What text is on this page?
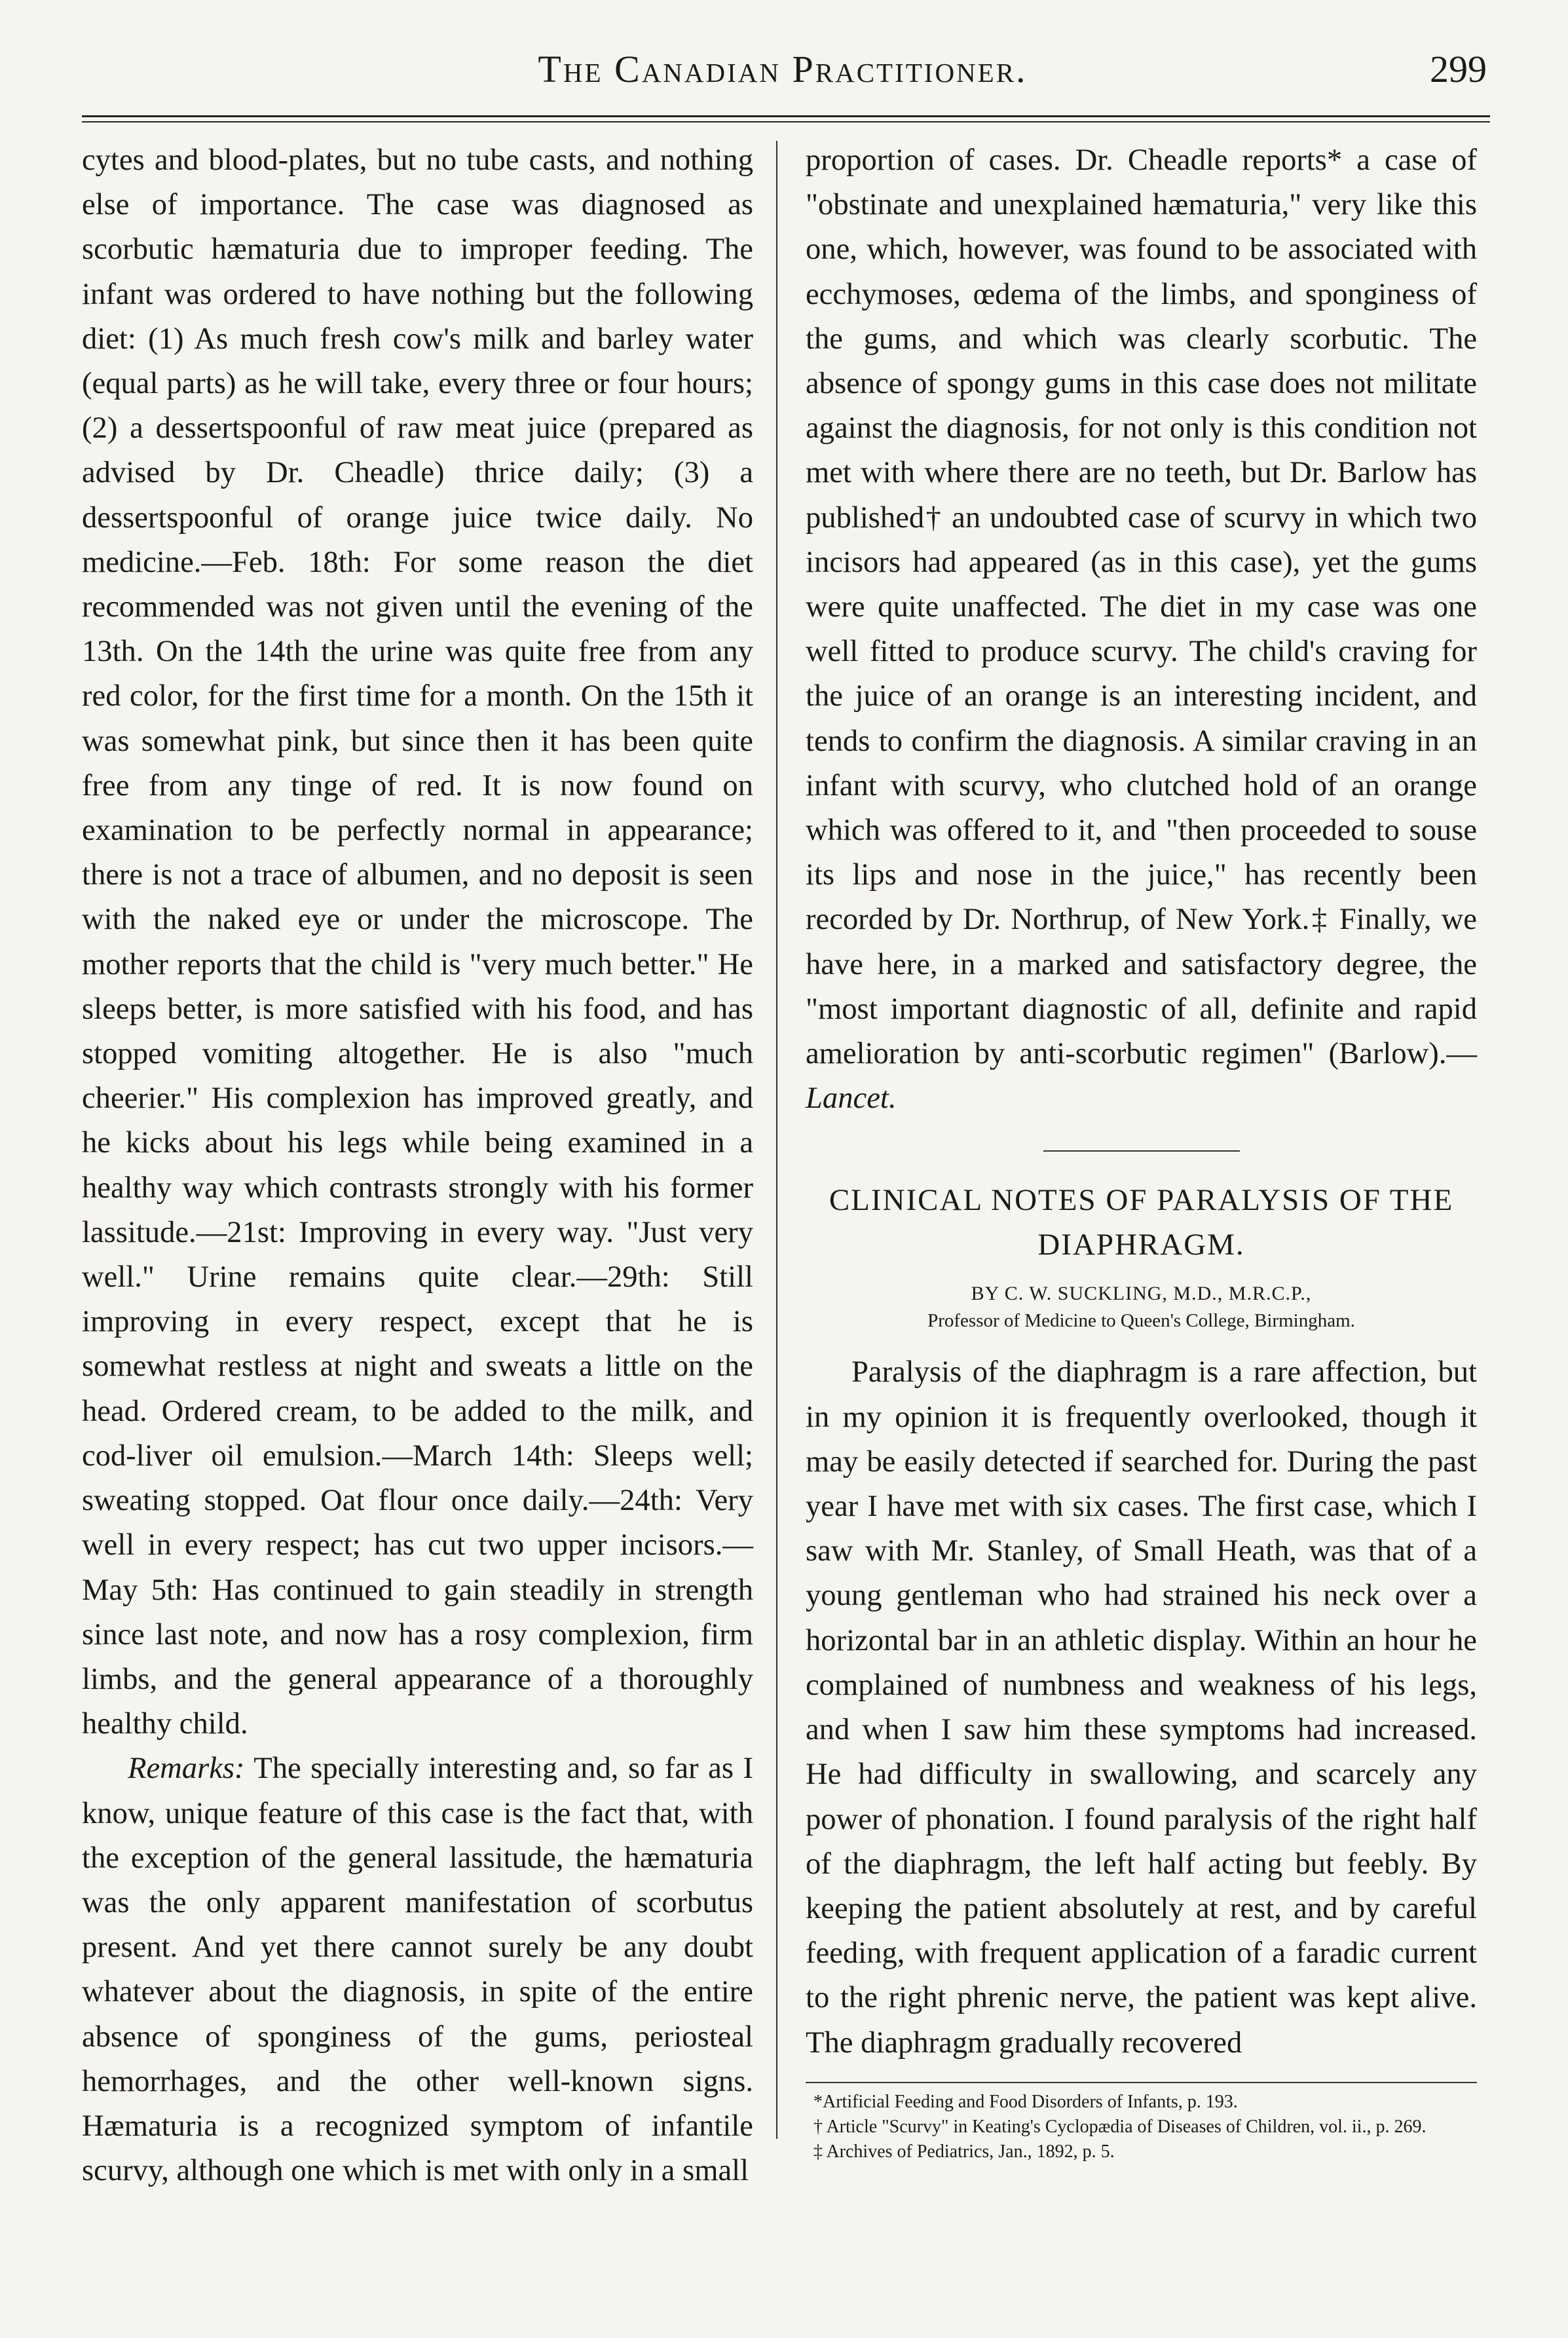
The Canadian Practitioner.	299

cytes and blood-plates, but no tube casts, and nothing else of importance. The case was diagnosed as scorbutic hæmaturia due to improper feeding. The infant was ordered to have nothing but the following diet: (1) As much fresh cow's milk and barley water (equal parts) as he will take, every three or four hours; (2) a dessertspoonful of raw meat juice (prepared as advised by Dr. Cheadle) thrice daily; (3) a dessertspoonful of orange juice twice daily. No medicine.—Feb. 18th: For some reason the diet recommended was not given until the evening of the 13th. On the 14th the urine was quite free from any red color, for the first time for a month. On the 15th it was somewhat pink, but since then it has been quite free from any tinge of red. It is now found on examination to be perfectly normal in appearance; there is not a trace of albumen, and no deposit is seen with the naked eye or under the microscope. The mother reports that the child is "very much better." He sleeps better, is more satisfied with his food, and has stopped vomiting altogether. He is also "much cheerier." His complexion has improved greatly, and he kicks about his legs while being examined in a healthy way which contrasts strongly with his former lassitude.—21st: Improving in every way. "Just very well." Urine remains quite clear.—29th: Still improving in every respect, except that he is somewhat restless at night and sweats a little on the head. Ordered cream, to be added to the milk, and cod-liver oil emulsion.—March 14th: Sleeps well; sweating stopped. Oat flour once daily.—24th: Very well in every respect; has cut two upper incisors.—May 5th: Has continued to gain steadily in strength since last note, and now has a rosy complexion, firm limbs, and the general appearance of a thoroughly healthy child.

Remarks: The specially interesting and, so far as I know, unique feature of this case is the fact that, with the exception of the general lassitude, the hæmaturia was the only apparent manifestation of scorbutus present. And yet there cannot surely be any doubt whatever about the diagnosis, in spite of the entire absence of sponginess of the gums, periosteal hemorrhages, and the other well-known signs. Hæmaturia is a recognized symptom of infantile scurvy, although one which is met with only in a small

proportion of cases. Dr. Cheadle reports* a case of "obstinate and unexplained hæmaturia," very like this one, which, however, was found to be associated with ecchymoses, œdema of the limbs, and sponginess of the gums, and which was clearly scorbutic. The absence of spongy gums in this case does not militate against the diagnosis, for not only is this condition not met with where there are no teeth, but Dr. Barlow has published† an undoubted case of scurvy in which two incisors had appeared (as in this case), yet the gums were quite unaffected. The diet in my case was one well fitted to produce scurvy. The child's craving for the juice of an orange is an interesting incident, and tends to confirm the diagnosis. A similar craving in an infant with scurvy, who clutched hold of an orange which was offered to it, and "then proceeded to souse its lips and nose in the juice," has recently been recorded by Dr. Northrup, of New York.‡ Finally, we have here, in a marked and satisfactory degree, the "most important diagnostic of all, definite and rapid amelioration by anti-scorbutic regimen" (Barlow).—Lancet.

CLINICAL NOTES OF PARALYSIS OF THE DIAPHRAGM.
BY C. W. SUCKLING, M.D., M.R.C.P.,
Professor of Medicine to Queen's College, Birmingham.

Paralysis of the diaphragm is a rare affection, but in my opinion it is frequently overlooked, though it may be easily detected if searched for. During the past year I have met with six cases. The first case, which I saw with Mr. Stanley, of Small Heath, was that of a young gentleman who had strained his neck over a horizontal bar in an athletic display. Within an hour he complained of numbness and weakness of his legs, and when I saw him these symptoms had increased. He had difficulty in swallowing, and scarcely any power of phonation. I found paralysis of the right half of the diaphragm, the left half acting but feebly. By keeping the patient absolutely at rest, and by careful feeding, with frequent application of a faradic current to the right phrenic nerve, the patient was kept alive. The diaphragm gradually recovered

*Artificial Feeding and Food Disorders of Infants, p. 193.
† Article "Scurvy" in Keating's Cyclopædia of Diseases of Children, vol. ii., p. 269.
‡ Archives of Pediatrics, Jan., 1892, p. 5.
